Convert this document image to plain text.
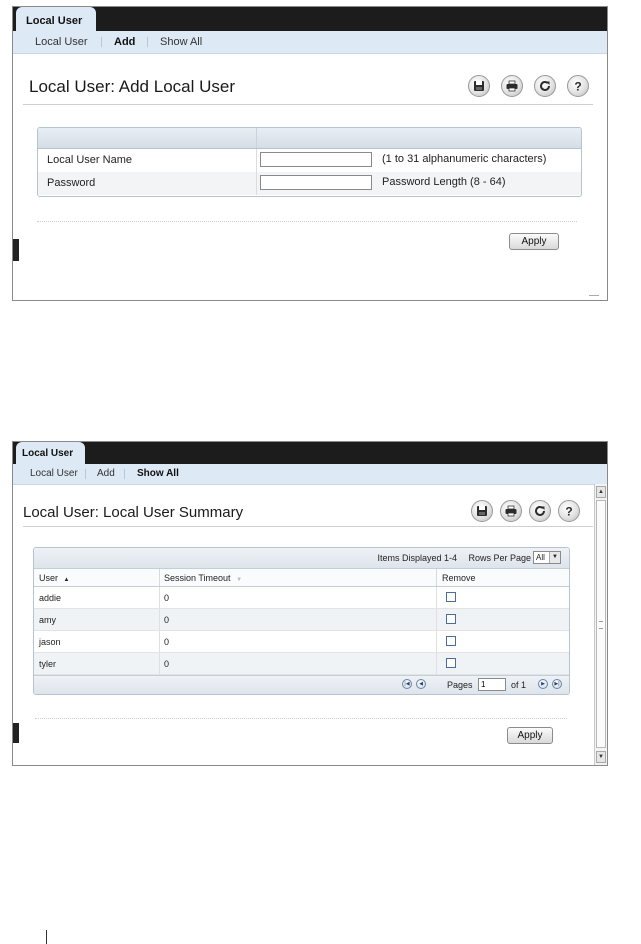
Local User
Local User Add Show All
Local User: Add Local User	?
Local User Name	(1 to 31 alphanumeric characters)
Password	Password Length (8 - 64)
Apply
Local User
Local User Add Show All
Local User: Local User Summary	?
Items Displayed 1-4 Rows Per Page All	▼
User ▲	Session Timeout ▼	Remove
addie	0
amy	0
jason	0
tyler	0
|◀	◀	Pages
1	of 1	▶	▶|
Apply
▲
▼
